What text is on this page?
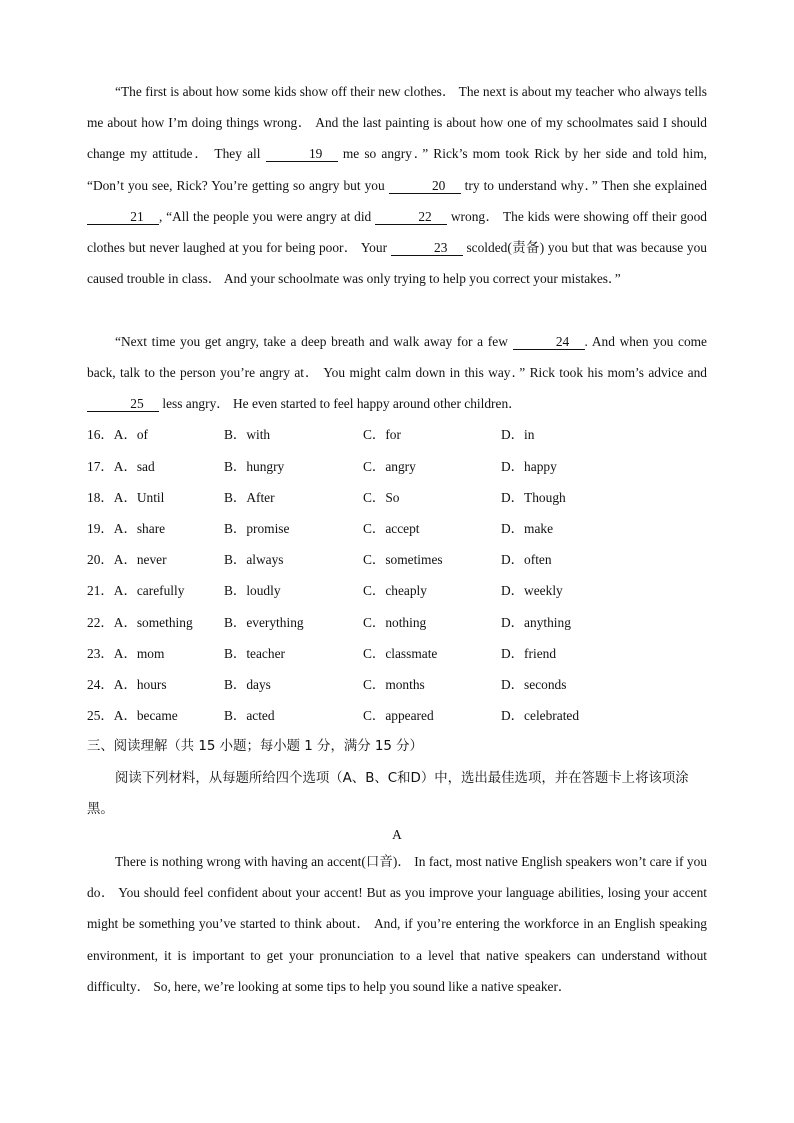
“The first is about how some kids show off their new clothes． The next is about my teacher who always tells me about how I’m doing things wrong． And the last painting is about how one of my schoolmates said I should change my attitude． They all	19 me so angry．” Rick’s mom took Rick by her side and told him, “Don’t you see, Rick? You’re getting so angry but you	20 try to understand why．” Then she explained 21 , “All the people you were angry at did	22 wrong． The kids were showing off their good clothes but never laughed at you for being poor． Your	23 scolded(责备) you but that was because you caused trouble in class． And your schoolmate was only trying to help you correct your mistakes．”

“Next time you get angry, take a deep breath and walk away for a few	24 . And when you come back, talk to the person you’re angry at． You might calm down in this way．” Rick took his mom’s advice and 25 less angry． He even started to feel happy around other children．

16．A．of	B．with	C．for	D．in
17．A．sad	B．hungry	C．angry	D．happy
18．A．Until	B．After	C．So	D．Though
19．A．share	B．promise	C．accept	D．make
20．A．never	B．always	C．sometimes	D．often
21．A．carefully	B．loudly	C．cheaply	D．weekly
22．A．something B．everything	C．nothing	D．anything
23．A．mom	B．teacher	C．classmate	D．friend
24．A．hours	B．days	C．months	D．seconds
25．A．became	B．acted	C．appeared	D．celebrated
三、阅读理解（共 15 小题；每小题 1 分，满分 15 分）

阅读下列材料，从每题所给四个选项（A、B、C和D）中，选出最佳选项，并在答题卡上将该项涂黑。

A

There is nothing wrong with having an accent(口音)． In fact, most native English speakers won’t care if you do． You should feel confident about your accent! But as you improve your language abilities, losing your accent might be something you’ve started to think about． And, if you’re entering the workforce in an English speaking environment, it is important to get your pronunciation to a level that native speakers can understand without difficulty． So, here, we’re looking at some tips to help you sound like a native speaker．
